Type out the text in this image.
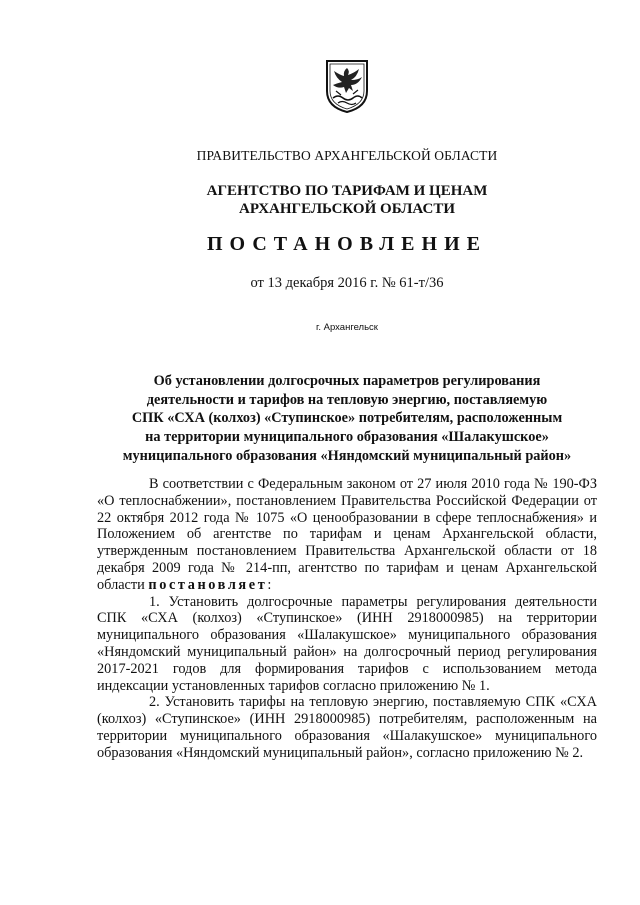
ПРАВИТЕЛЬСТВО АРХАНГЕЛЬСКОЙ ОБЛАСТИ
АГЕНТСТВО ПО ТАРИФАМ И ЦЕНАМ
АРХАНГЕЛЬСКОЙ ОБЛАСТИ
ПОСТАНОВЛЕНИЕ
от 13 декабря 2016 г. № 61-т/36
г. Архангельск
Об установлении долгосрочных параметров регулирования
деятельности и тарифов на тепловую энергию, поставляемую
СПК «СХА (колхоз) «Ступинское» потребителям, расположенным
на территории муниципального образования «Шалакушское»
муниципального образования «Няндомский муниципальный район»

В соответствии с Федеральным законом от 27 июля 2010 года № 190-ФЗ «О теплоснабжении», постановлением Правительства Российской Федерации от 22 октября 2012 года № 1075 «О ценообразовании в сфере теплоснабжения» и Положением об агентстве по тарифам и ценам Архангельской области, утвержденным постановлением Правительства Архангельской области от 18 декабря 2009 года № 214-пп, агентство по тарифам и ценам Архангельской области постановляет:

1. Установить долгосрочные параметры регулирования деятельности СПК «СХА (колхоз) «Ступинское» (ИНН 2918000985) на территории муниципального образования «Шалакушское» муниципального образования «Няндомский муниципальный район» на долгосрочный период регулирования 2017-2021 годов для формирования тарифов с использованием метода индексации установленных тарифов согласно приложению № 1.

2. Установить тарифы на тепловую энергию, поставляемую СПК «СХА (колхоз) «Ступинское» (ИНН 2918000985) потребителям, расположенным на территории муниципального образования «Шалакушское» муниципального образования «Няндомский муниципальный район», согласно приложению № 2.
